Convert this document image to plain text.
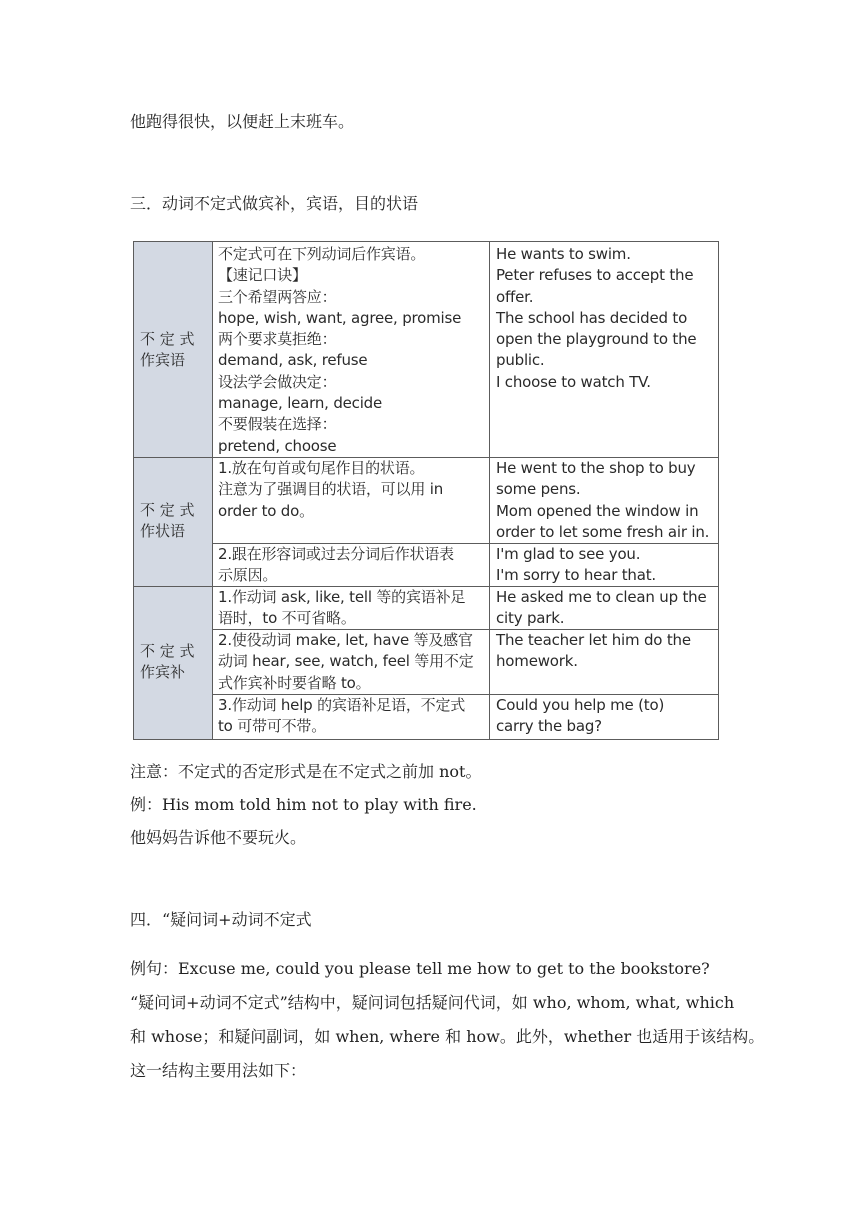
他跑得很快，以便赶上末班车。
三．动词不定式做宾补，宾语，目的状语
不 定 式
作宾语
不 定 式
作状语
不 定 式
作宾补
不定式可在下列动词后作宾语。
【速记口诀】
三个希望两答应：
hope, wish, want, agree, promise
两个要求莫拒绝：
demand, ask, refuse
设法学会做决定：
manage, learn, decide
不要假装在选择：
pretend, choose
He wants to swim.
Peter refuses to accept the
offer.
The school has decided to
open the playground to the
public.
I choose to watch TV.
1.放在句首或句尾作目的状语。
注意为了强调目的状语，可以用 in
order to do。
He went to the shop to buy
some pens.
Mom opened the window in
order to let some fresh air in.
2.跟在形容词或过去分词后作状语表
示原因。
I'm glad to see you.
I'm sorry to hear that.
1.作动词 ask, like, tell 等的宾语补足
语时，to 不可省略。
He asked me to clean up the
city park.
2.使役动词 make, let, have 等及感官
动词 hear, see, watch, feel 等用不定
式作宾补时要省略 to。
The teacher let him do the
homework.
3.作动词 help 的宾语补足语，不定式
to 可带可不带。
Could you help me (to)
carry the bag?
注意：不定式的否定形式是在不定式之前加 not。
例：His mom told him not to play with fire.
他妈妈告诉他不要玩火。
四．“疑问词+动词不定式
例句：Excuse me, could you please tell me how to get to the bookstore?
“疑问词+动词不定式”结构中，疑问词包括疑问代词，如 who, whom, what, which
和 whose；和疑问副词，如 when, where 和 how。此外，whether 也适用于该结构。
这一结构主要用法如下：
